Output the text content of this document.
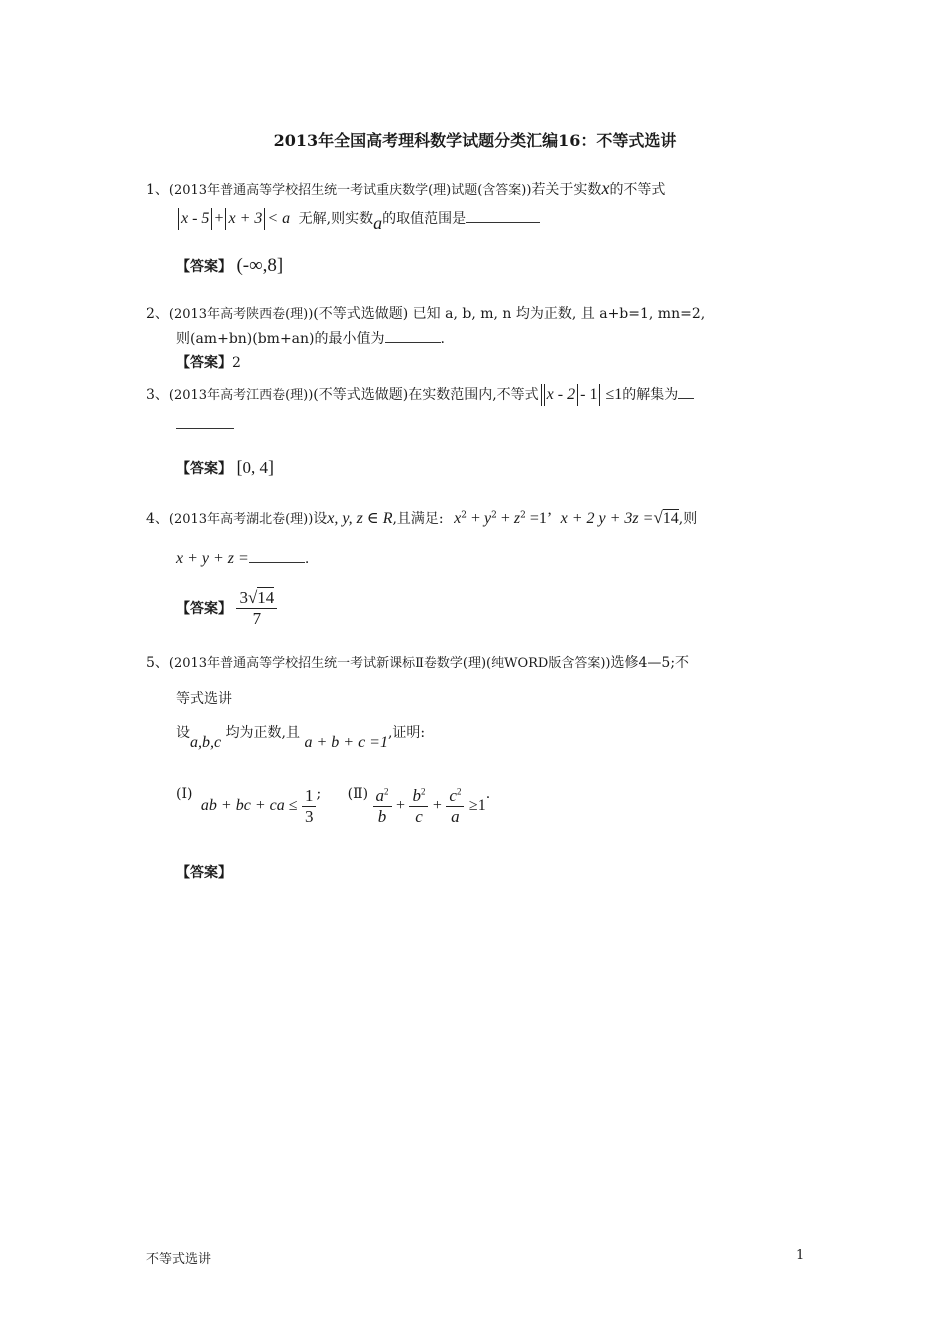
2013年全国高考理科数学试题分类汇编16：不等式选讲
1、(2013年普通高等学校招生统一考试重庆数学(理)试题(含答案))若关于实数x的不等式
x - 5 + x + 3 < a 无解,则实数a的取值范围是
【答案】 (-∞,8]
2、(2013年高考陕西卷(理))(不等式选做题) 已知 a, b, m, n 均为正数, 且 a+b=1, mn=2,
则(am+bn)(bm+an)的最小值为	.
【答案】2
3、(2013年高考江西卷(理))(不等式选做题)在实数范围内,不等式 x - 2 - 1 ≤1的解集为
【答案】 [0, 4]
4、(2013年高考湖北卷(理))设x, y, z ∈ R,且满足: $x^2 + y^2 + z^2 =1$’ x + 2 y + 3z =√14,则
x + y + z =	.
【答案】 $\frac{3√14}{7}$
5、(2013年普通高等学校招生统一考试新课标Ⅱ卷数学(理)(纯WORD版含答案))选修4—5;不
等式选讲
设a,b,c 均为正数,且 a + b + c =1,证明:
(Ⅰ) ab + bc + ca ≤ $\frac{1}{3}$ ; (Ⅱ) $\frac{a^2}{b} + \frac{b^2}{c} + \frac{c^2}{a} \ge 1$.
【答案】
不等式选讲	1
